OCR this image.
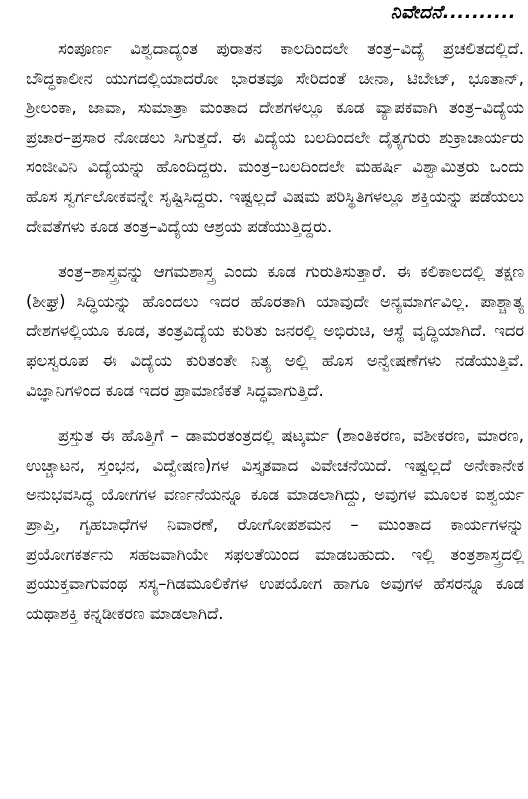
ನಿವೇದನೆ..........

ಸಂಪೂರ್ಣ ವಿಶ್ವದಾದ್ಯಂತ ಪುರಾತನ ಕಾಲದಿಂದಲೇ ತಂತ್ರ–ವಿದ್ಯೆ ಪ್ರಚಲಿತದಲ್ಲಿದೆ. ಬೌದ್ಧಕಾಲೀನ ಯುಗದಲ್ಲಿಯಾದರೋ ಭಾರತವೂ ಸೇರಿದಂತೆ ಚೀನಾ, ಟಿಬೇಟ್, ಭೂತಾನ್, ಶ್ರೀಲಂಕಾ, ಜಾವಾ, ಸುಮಾತ್ರಾ ಮಂತಾದ ದೇಶಗಳಲ್ಲೂ ಕೂಡ ವ್ಯಾಪಕವಾಗಿ ತಂತ್ರ–ವಿದ್ಯೆಯ ಪ್ರಚಾರ–ಪ್ರಸಾರ ನೋಡಲು ಸಿಗುತ್ತದೆ. ಈ ವಿದ್ಯೆಯ ಬಲದಿಂದಲೇ ದೈತ್ಯಗುರು ಶುಕ್ರಾಚಾರ್ಯರು ಸಂಜೀವಿನಿ ವಿದ್ಯೆಯನ್ನು ಹೊಂದಿದ್ದರು. ಮಂತ್ರ–ಬಲದಿಂದಲೇ ಮಹರ್ಷಿ ವಿಶ್ವಾಮಿತ್ರರು ಒಂದು ಹೊಸ ಸ್ವರ್ಗಲೋಕವನ್ನೇ ಸೃಷ್ಟಿಸಿದ್ದರು. ಇಷ್ಟಲ್ಲದೆ ವಿಷಮ ಪರಿಸ್ಥಿತಿಗಳಲ್ಲೂ ಶಕ್ತಿಯನ್ನು ಪಡೆಯಲು ದೇವತೆಗಳು ಕೂಡ ತಂತ್ರ–ವಿದ್ಯೆಯ ಆಶ್ರಯ ಪಡೆಯುತ್ತಿದ್ದರು.

ತಂತ್ರ–ಶಾಸ್ತ್ರವನ್ನು ಆಗಮಶಾಸ್ತ್ರ ಎಂದು ಕೂಡ ಗುರುತಿಸುತ್ತಾರೆ. ಈ ಕಲಿಕಾಲದಲ್ಲಿ ತಕ್ಷಣ (ಶೀಘ್ರ) ಸಿದ್ಧಿಯನ್ನು ಹೊಂದಲು ಇದರ ಹೊರತಾಗಿ ಯಾವುದೇ ಅನ್ಯಮಾರ್ಗವಿಲ್ಲ. ಪಾಶ್ಚಾತ್ಯ ದೇಶಗಳಲ್ಲಿಯೂ ಕೂಡ, ತಂತ್ರವಿದ್ಯೆಯ ಕುರಿತು ಜನರಲ್ಲಿ ಅಭಿರುಚಿ, ಆಸ್ಥೆ ವೃದ್ಧಿಯಾಗಿದೆ. ಇದರ ಫಲಸ್ವರೂಪ ಈ ವಿದ್ಯೆಯ ಕುರಿತಂತೇ ನಿತ್ಯ ಅಲ್ಲಿ ಹೊಸ ಅನ್ವೇಷಣೆಗಳು ನಡೆಯುತ್ತಿವೆ. ವಿಜ್ಞಾನಿಗಳಿಂದ ಕೂಡ ಇದರ ಪ್ರಾಮಾಣಿಕತೆ ಸಿದ್ಧವಾಗುತ್ತಿದೆ.

ಪ್ರಸ್ತುತ ಈ ಹೊತ್ತಿಗೆ – ಡಾಮರತಂತ್ರದಲ್ಲಿ ಷಟ್ಕರ್ಮ (ಶಾಂತಿಕರಣ, ವಶೀಕರಣ, ಮಾರಣ, ಉಚ್ಚಾಟನ, ಸ್ತಂಭನ, ವಿದ್ವೇಷಣ)ಗಳ ವಿಸ್ತೃತವಾದ ವಿವೇಚನೆಯಿದೆ. ಇಷ್ಟಲ್ಲದೆ ಅನೇಕಾನೇಕ ಅನುಭವಸಿದ್ಧ ಯೋಗಗಳ ವರ್ಣನೆಯನ್ನೂ ಕೂಡ ಮಾಡಲಾಗಿದ್ದು, ಅವುಗಳ ಮೂಲಕ ಐಶ್ವರ್ಯ ಪ್ರಾಪ್ತಿ, ಗೃಹಬಾಧೆಗಳ ನಿವಾರಣೆ, ರೋಗೋಪಶಮನ – ಮುಂತಾದ ಕಾರ್ಯಗಳನ್ನು ಪ್ರಯೋಗಕರ್ತನು ಸಹಜವಾಗಿಯೇ ಸಫಲತೆಯಿಂದ ಮಾಡಬಹುದು. ಇಲ್ಲಿ ತಂತ್ರಶಾಸ್ತ್ರದಲ್ಲಿ ಪ್ರಯುಕ್ತವಾಗುವಂಥ ಸಸ್ಯ–ಗಿಡಮೂಲಿಕೆಗಳ ಉಪಯೋಗ ಹಾಗೂ ಅವುಗಳ ಹೆಸರನ್ನೂ ಕೂಡ ಯಥಾಶಕ್ತಿ ಕನ್ನಡೀಕರಣ ಮಾಡಲಾಗಿದೆ.
